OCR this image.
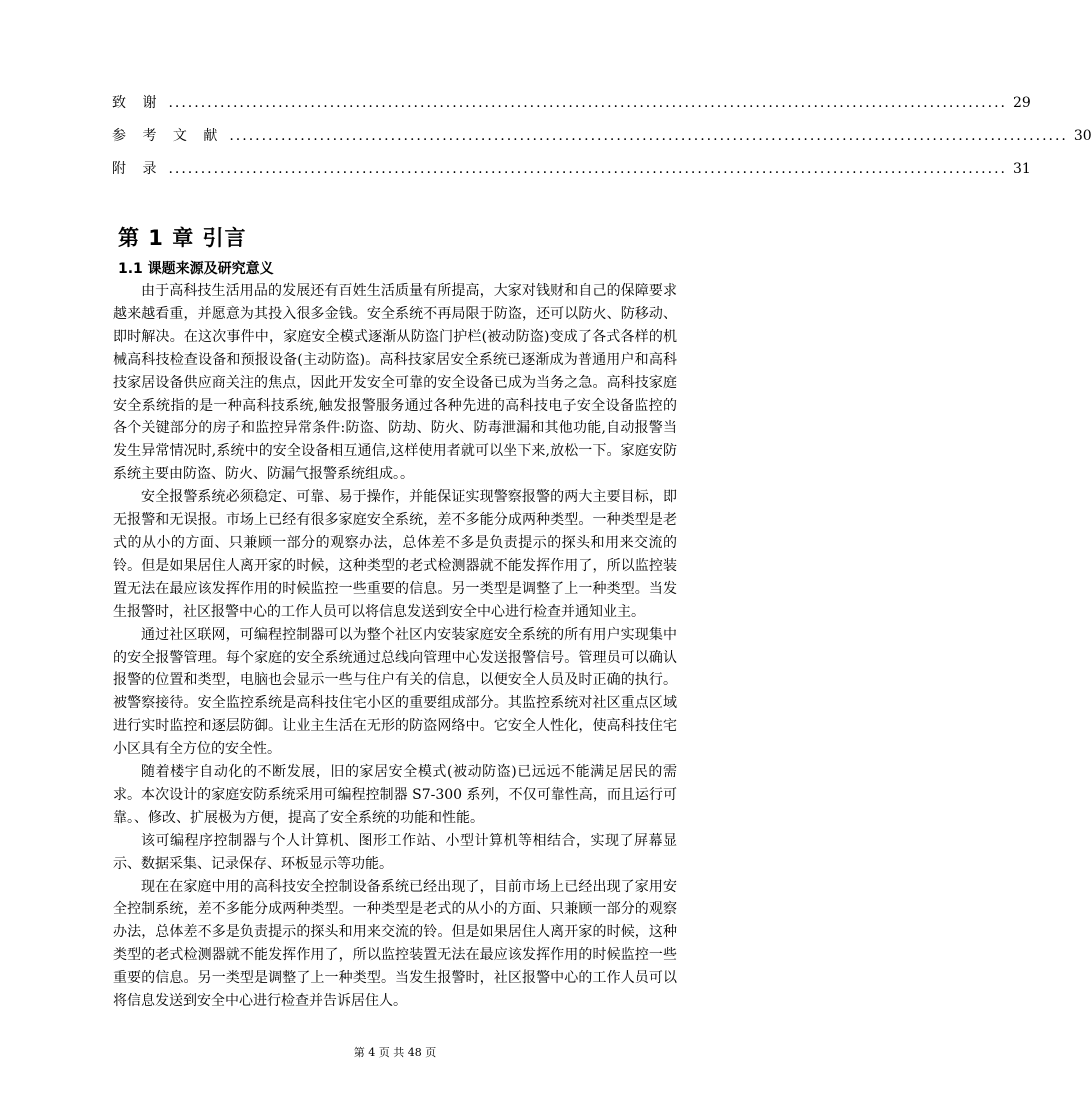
致 谢 .................................................................................................................................. 29
参 考 文 献 .................................................................................................................................. 30
附 录 .................................................................................................................................. 31
第 1 章 引言
1.1 课题来源及研究意义

由于高科技生活用品的发展还有百姓生活质量有所提高，大家对钱财和自己的保障要求越来越看重，并愿意为其投入很多金钱。安全系统不再局限于防盗，还可以防火、防移动、即时解决。在这次事件中，家庭安全模式逐渐从防盗门护栏(被动防盗)变成了各式各样的机械高科技检查设备和预报设备(主动防盗)。高科技家居安全系统已逐渐成为普通用户和高科技家居设备供应商关注的焦点，因此开发安全可靠的安全设备已成为当务之急。高科技家庭安全系统指的是一种高科技系统,触发报警服务通过各种先进的高科技电子安全设备监控的各个关键部分的房子和监控异常条件:防盗、防劫、防火、防毒泄漏和其他功能,自动报警当发生异常情况时,系统中的安全设备相互通信,这样使用者就可以坐下来,放松一下。家庭安防系统主要由防盗、防火、防漏气报警系统组成。。

安全报警系统必须稳定、可靠、易于操作，并能保证实现警察报警的两大主要目标，即无报警和无误报。市场上已经有很多家庭安全系统，差不多能分成两种类型。一种类型是老式的从小的方面、只兼顾一部分的观察办法，总体差不多是负责提示的探头和用来交流的铃。但是如果居住人离开家的时候，这种类型的老式检测器就不能发挥作用了，所以监控装置无法在最应该发挥作用的时候监控一些重要的信息。另一类型是调整了上一种类型。当发生报警时，社区报警中心的工作人员可以将信息发送到安全中心进行检查并通知业主。

通过社区联网，可编程控制器可以为整个社区内安装家庭安全系统的所有用户实现集中的安全报警管理。每个家庭的安全系统通过总线向管理中心发送报警信号。管理员可以确认报警的位置和类型，电脑也会显示一些与住户有关的信息，以便安全人员及时正确的执行。被警察接待。安全监控系统是高科技住宅小区的重要组成部分。其监控系统对社区重点区域进行实时监控和逐层防御。让业主生活在无形的防盗网络中。它安全人性化，使高科技住宅小区具有全方位的安全性。

随着楼宇自动化的不断发展，旧的家居安全模式(被动防盗)已远远不能满足居民的需求。本次设计的家庭安防系统采用可编程控制器 S7-300 系列，不仅可靠性高，而且运行可靠。、修改、扩展极为方便，提高了安全系统的功能和性能。

该可编程序控制器与个人计算机、图形工作站、小型计算机等相结合，实现了屏幕显示、数据采集、记录保存、环板显示等功能。

现在在家庭中用的高科技安全控制设备系统已经出现了，目前市场上已经出现了家用安全控制系统，差不多能分成两种类型。一种类型是老式的从小的方面、只兼顾一部分的观察办法，总体差不多是负责提示的探头和用来交流的铃。但是如果居住人离开家的时候，这种类型的老式检测器就不能发挥作用了，所以监控装置无法在最应该发挥作用的时候监控一些重要的信息。另一类型是调整了上一种类型。当发生报警时，社区报警中心的工作人员可以将信息发送到安全中心进行检查并告诉居住人。

第 4 页 共 48 页
